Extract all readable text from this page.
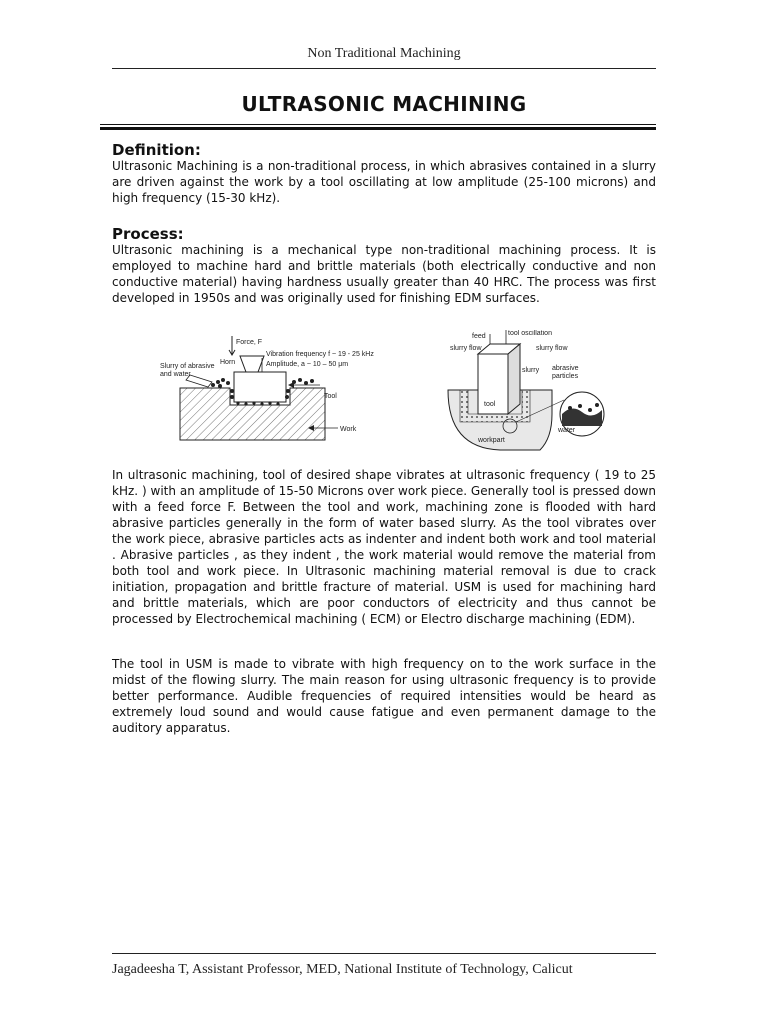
Non Traditional Machining
ULTRASONIC MACHINING
Definition:
Ultrasonic Machining is a non-traditional process, in which abrasives contained in a slurry are driven against the work by a tool oscillating at low amplitude (25-100 microns) and high frequency (15-30 kHz).
Process:
Ultrasonic machining is a mechanical type non-traditional machining process. It is employed to machine hard and brittle materials (both electrically conductive and non conductive material) having hardness usually greater than 40 HRC. The process was first developed in 1950s and was originally used for finishing EDM surfaces.
Force, F
Vibration frequency f ~ 19 - 25 kHz
Amplitude, a ~ 10 – 50 μm
Slurry of abrasive
and water
Horn
Tool
Work
tool oscillation
feed
slurry flow	slurry flow
slurry abrasive
particles
tool
water
workpart
In ultrasonic machining, tool of desired shape vibrates at ultrasonic frequency ( 19 to 25 kHz. ) with an amplitude of 15-50 Microns over work piece. Generally tool is pressed down with a feed force F. Between the tool and work, machining zone is flooded with hard abrasive particles generally in the form of water based slurry. As the tool vibrates over the work piece, abrasive particles acts as indenter and indent both work and tool material . Abrasive particles , as they indent , the work material would remove the material from both tool and work piece. In Ultrasonic machining material removal is due to crack initiation, propagation and brittle fracture of material. USM is used for machining hard and brittle materials, which are poor conductors of electricity and thus cannot be processed by Electrochemical machining ( ECM) or Electro discharge machining (EDM).
The tool in USM is made to vibrate with high frequency on to the work surface in the midst of the flowing slurry. The main reason for using ultrasonic frequency is to provide better performance. Audible frequencies of required intensities would be heard as extremely loud sound and would cause fatigue and even permanent damage to the auditory apparatus.
Jagadeesha T, Assistant Professor, MED, National Institute of Technology, Calicut
